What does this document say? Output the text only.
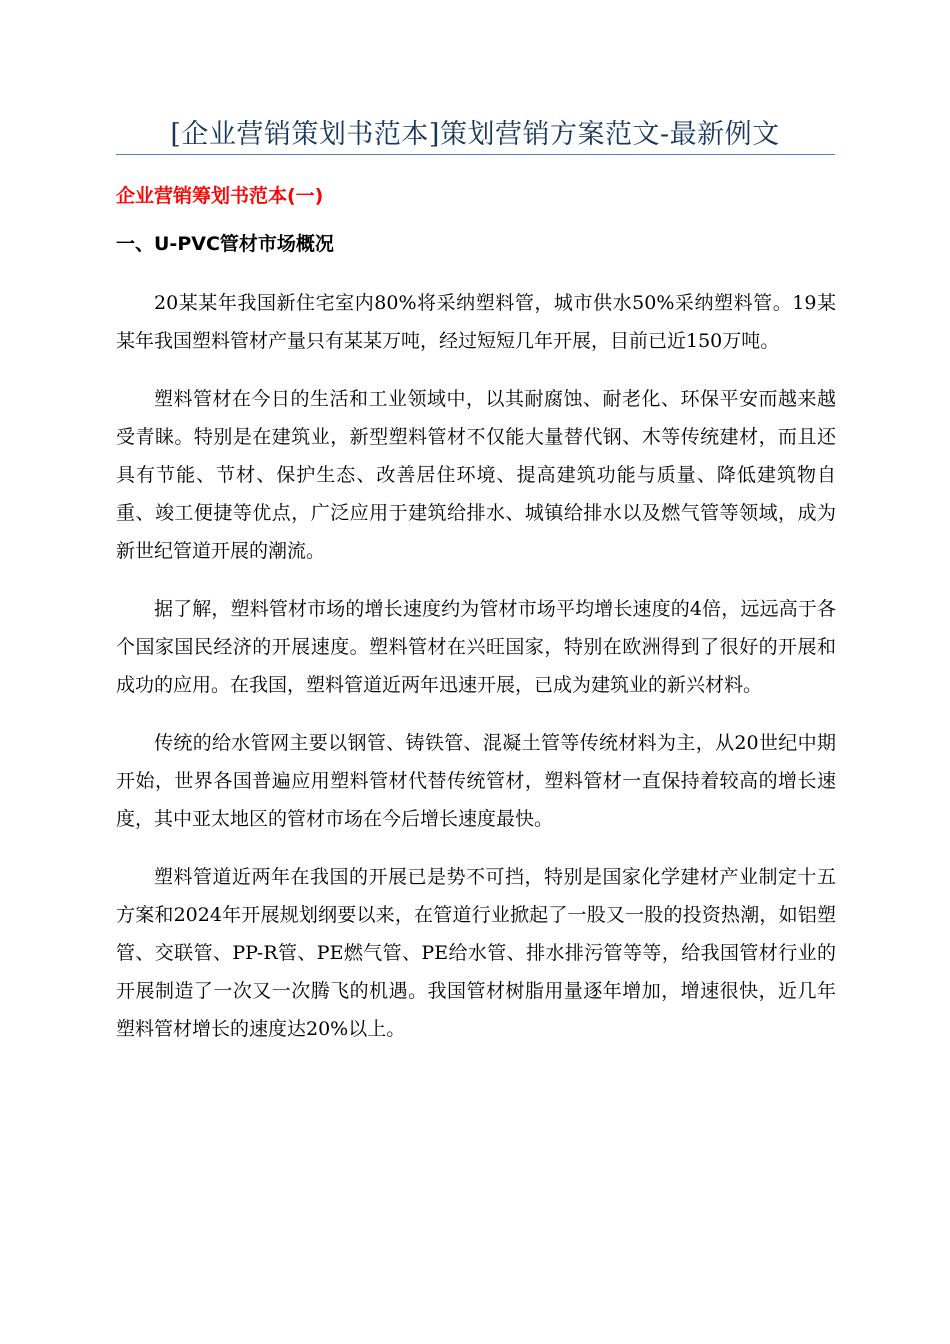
[企业营销策划书范本]策划营销方案范文-最新例文
企业营销筹划书范本(一)
一、U-PVC管材市场概况

20某某年我国新住宅室内80%将采纳塑料管，城市供水50%采纳塑料管。19某某年我国塑料管材产量只有某某万吨，经过短短几年开展，目前已近150万吨。

塑料管材在今日的生活和工业领域中，以其耐腐蚀、耐老化、环保平安而越来越受青睐。特别是在建筑业，新型塑料管材不仅能大量替代钢、木等传统建材，而且还具有节能、节材、保护生态、改善居住环境、提高建筑功能与质量、降低建筑物自重、竣工便捷等优点，广泛应用于建筑给排水、城镇给排水以及燃气管等领域，成为新世纪管道开展的潮流。

据了解，塑料管材市场的增长速度约为管材市场平均增长速度的4倍，远远高于各个国家国民经济的开展速度。塑料管材在兴旺国家，特别在欧洲得到了很好的开展和成功的应用。在我国，塑料管道近两年迅速开展，已成为建筑业的新兴材料。

传统的给水管网主要以钢管、铸铁管、混凝土管等传统材料为主，从20世纪中期开始，世界各国普遍应用塑料管材代替传统管材，塑料管材一直保持着较高的增长速度，其中亚太地区的管材市场在今后增长速度最快。

塑料管道近两年在我国的开展已是势不可挡，特别是国家化学建材产业制定十五方案和2024年开展规划纲要以来，在管道行业掀起了一股又一股的投资热潮，如铝塑管、交联管、PP-R管、PE燃气管、PE给水管、排水排污管等等，给我国管材行业的开展制造了一次又一次腾飞的机遇。我国管材树脂用量逐年增加，增速很快，近几年塑料管材增长的速度达20%以上。
